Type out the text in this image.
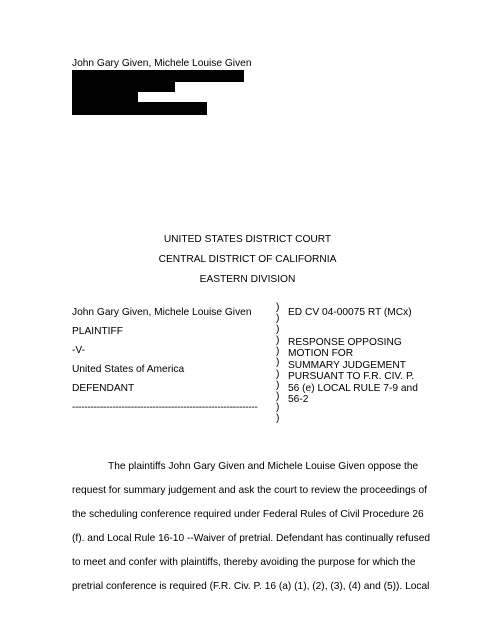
John Gary Given, Michele Louise Given
UNITED STATES DISTRICT COURT
CENTRAL DISTRICT OF CALIFORNIA
EASTERN DIVISION
John Gary Given, Michele Louise Given
PLAINTIFF
-V-
United States of America
DEFENDANT
------------------------------------------------------------
)
)
)
)
)
)
)
)
)
)
)
ED CV 04-00075 RT (MCx)
RESPONSE OPPOSING
MOTION FOR
SUMMARY JUDGEMENT
PURSUANT TO F.R. CIV. P.
56 (e) LOCAL RULE 7-9 and
56-2
The plaintiffs John Gary Given and Michele Louise Given oppose the
request for summary judgement and ask the court to review the proceedings of
the scheduling conference required under Federal Rules of Civil Procedure 26
(f). and Local Rule 16-10 --Waiver of pretrial. Defendant has continually refused
to meet and confer with plaintiffs, thereby avoiding the purpose for which the
pretrial conference is required (F.R. Civ. P. 16 (a) (1), (2), (3), (4) and (5)). Local
